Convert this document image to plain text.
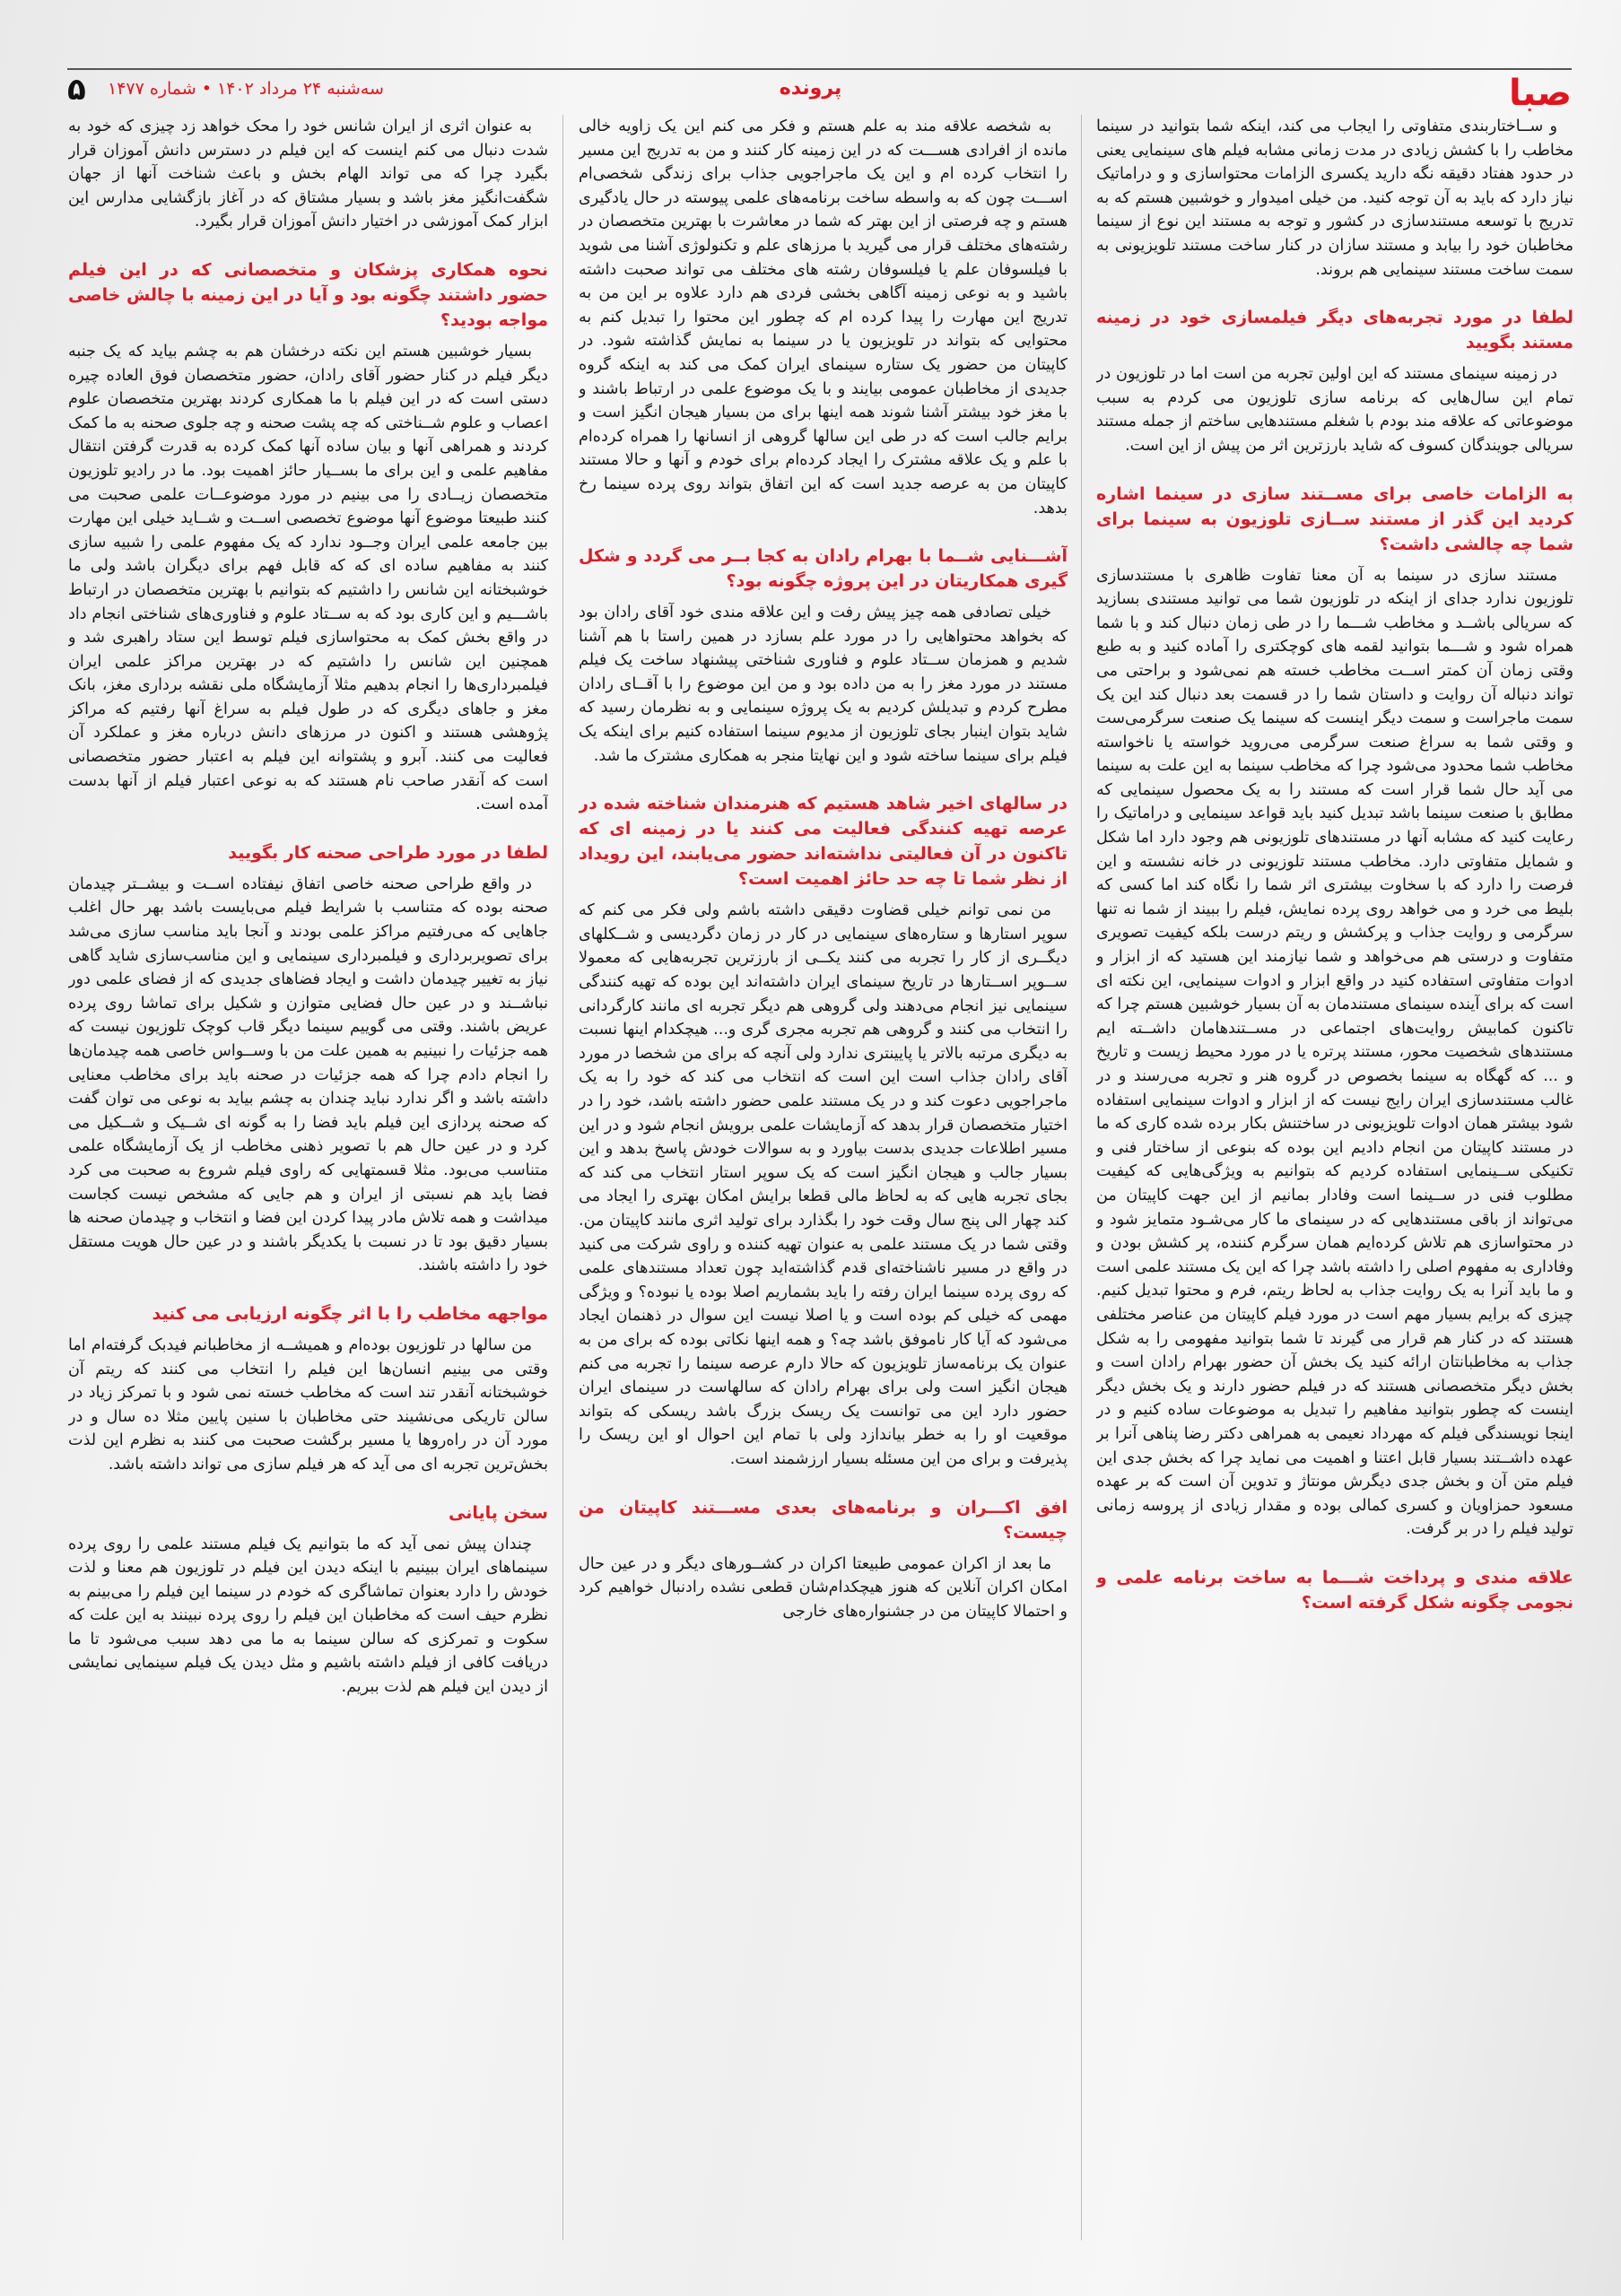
صبا
پرونده
سه‌شنبه ۲۴ مرداد ۱۴۰۲ • شماره ۱۴۷۷
۵

و ســاختاربندی متفاوتی را ایجاب می کند، اینکه شما بتوانید در سینما مخاطب را با کشش زیادی در مدت زمانی مشابه فیلم های سینمایی یعنی در حدود هفتاد دقیقه نگه دارید یکسری الزامات محتواسازی و و دراماتیک نیاز دارد که باید به آن توجه کنید. من خیلی امیدوار و خوشبین هستم که به تدریج با توسعه مستندسازی در کشور و توجه به مستند این نوع از سینما مخاطبان خود را بیابد و مستند سازان در کنار ساخت مستند تلویزیونی به سمت ساخت مستند سینمایی هم بروند.

لطفا در مورد تجربه‌های دیگر فیلمسازی خود در زمینه مستند بگویید

در زمینه سینمای مستند که این اولین تجربه من است اما در تلوزیون در تمام این سال‌هایی که برنامه سازی تلوزیون می کردم به سبب موضوعاتی که علاقه مند بودم با شغلم مستندهایی ساختم از جمله مستند سریالی جویندگان کسوف که شاید بارزترین اثر من پیش از این است.

به الزامات خاصی برای مســتند سازی در سینما اشاره کردید این گذر از مستند ســازی تلوزیون به سینما برای شما چه چالشی داشت؟

مستند سازی در سینما به آن معنا تفاوت ظاهری با مستندسازی تلوزیون ندارد جدای از اینکه در تلوزیون شما می توانید مستندی بسازید که سریالی باشــد و مخاطب شـــما را در طی زمان دنبال کند و با شما همراه شود و شـــما بتوانید لقمه های کوچکتری را آماده کنید و به طبع وقتی زمان آن کمتر اســت مخاطب خسته هم نمی‌شود و براحتی می تواند دنباله آن روایت و داستان شما را در قسمت بعد دنبال کند این یک سمت ماجراست و سمت دیگر اینست که سینما یک صنعت سرگرمی‌ست و وقتی شما به سراغ صنعت سرگرمی می‌روید خواسته یا ناخواسته مخاطب شما محدود می‌شود چرا که مخاطب سینما به این علت به سینما می آید حال شما قرار است که مستند را به یک محصول سینمایی که مطابق با صنعت سینما باشد تبدیل کنید باید قواعد سینمایی و دراماتیک را رعایت کنید که مشابه آنها در مستندهای تلوزیونی هم وجود دارد اما شکل و شمایل متفاوتی دارد. مخاطب مستند تلوزیونی در خانه نشسته و این فرصت را دارد که با سخاوت بیشتری اثر شما را نگاه کند اما کسی که بلیط می خرد و می خواهد روی پرده نمایش، فیلم را ببیند از شما نه تنها سرگرمی و روایت جذاب و پرکشش و ریتم درست بلکه کیفیت تصویری متفاوت و درستی هم می‌خواهد و شما نیازمند این هستید که از ابزار و ادوات متفاوتی استفاده کنید در واقع ابزار و ادوات سینمایی، این نکته ای است که برای آینده سینمای مستندمان به آن بسیار خوشبین هستم چرا که تاکنون کمابیش روایت‌های اجتماعی در مســتندهامان داشــته ایم مستندهای شخصیت محور، مستند پرتره یا در مورد محیط زیست و تاریخ و ... که گهگاه به سینما بخصوص در گروه هنر و تجربه می‌رسند و در غالب مستندسازی ایران رایج نیست که از ابزار و ادوات سینمایی استفاده شود بیشتر همان ادوات تلویزیونی در ساختنش بکار برده شده کاری که ما در مستند کاپیتان من انجام دادیم این بوده که بنوعی از ساختار فنی و تکنیکی ســینمایی استفاده کردیم که بتوانیم به ویژگی‌هایی که کیفیت مطلوب فنی در ســینما است وفادار بمانیم از این جهت کاپیتان من می‌تواند از باقی مستندهایی که در سینمای ما کار می‌شـود متمایز شود و در محتواسازی هم تلاش کرده‌ایم همان سرگرم کننده، پر کشش بودن و وفاداری به مفهوم اصلی را داشته باشد چرا که این یک مستند علمی است و ما باید آنرا به یک روایت جذاب به لحاظ ریتم، فرم و محتوا تبدیل کنیم. چیزی که برایم بسیار مهم است در مورد فیلم کاپیتان من عناصر مختلفی هستند که در کنار هم قرار می گیرند تا شما بتوانید مفهومی را به شکل جذاب به مخاطبانتان ارائه کنید یک بخش آن حضور بهرام رادان است و بخش دیگر متخصصانی هستند که در فیلم حضور دارند و یک بخش دیگر اینست که چطور بتوانید مفاهیم را تبدیل به موضوعات ساده کنیم و در اینجا نویسندگی فیلم که مهرداد نعیمی به همراهی دکتر رضا پناهی آنرا بر عهده داشــتند بسیار قابل اعتنا و اهمیت می نماید چرا که بخش جدی این فیلم متن آن و بخش جدی دیگرش مونتاژ و تدوین آن است که بر عهده مسعود حمزاویان و کسری کمالی بوده و مقدار زیادی از پروسه زمانی تولید فیلم را در بر گرفت.

علاقه مندی و پرداخت شـــما به ساخت برنامه علمی و نجومی چگونه شکل گرفته است؟

به شخصه علاقه مند به علم هستم و فکر می کنم این یک زاویه خالی مانده از افرادی هســـت که در این زمینه کار کنند و من به تدریج این مسیر را انتخاب کرده ام و این یک ماجراجویی جذاب برای زندگی شخصی‌ام اســـت چون که به واسطه ساخت برنامه‌های علمی پیوسته در حال یادگیری هستم و چه فرصتی از این بهتر که شما در معاشرت با بهترین متخصصان در رشته‌های مختلف قرار می گیرید با مرزهای علم و تکنولوژی آشنا می شوید با فیلسوفان علم یا فیلسوفان رشته های مختلف می تواند صحبت داشته باشید و به نوعی زمینه آگاهی بخشی فردی هم دارد علاوه بر این من به تدریج این مهارت را پیدا کرده ام که چطور این محتوا را تبدیل کنم به محتوایی که بتواند در تلویزیون یا در سینما به نمایش گذاشته شود. در کاپیتان من حضور یک ستاره سینمای ایران کمک می کند به اینکه گروه جدیدی از مخاطبان عمومی بیایند و با یک موضوع علمی در ارتباط باشند و با مغز خود بیشتر آشنا شوند همه اینها برای من بسیار هیجان انگیز است و برایم جالب است که در طی این سالها گروهی از انسانها را همراه کرده‌ام با علم و یک علاقه مشترک را ایجاد کرده‌ام برای خودم و آنها و حالا مستند کاپیتان من به عرصه جدید است که این اتفاق بتواند روی پرده سینما رخ بدهد.

آشـــنایی شــما با بهرام رادان به کجا بــر می گردد و شکل گیری همکاریتان در این پروژه چگونه بود؟

خیلی تصادفی همه چیز پیش رفت و این علاقه مندی خود آقای رادان بود که بخواهد محتواهایی را در مورد علم بسازد در همین راستا با هم آشنا شدیم و همزمان ســتاد علوم و فناوری شناختی پیشنهاد ساخت یک فیلم مستند در مورد مغز را به من داده بود و من این موضوع را با آقــای رادان مطرح کردم و تبدیلش کردیم به یک پروژه سینمایی و به نظرمان رسید که شاید بتوان اینبار بجای تلوزیون از مدیوم سینما استفاده کنیم برای اینکه یک فیلم برای سینما ساخته شود و این نهایتا منجر به همکاری مشترک ما شد.

در سالهای اخیر شاهد هستیم که هنرمندان شناخته شده در عرصه تهیه کنندگی فعالیت می کنند یا در زمینه ای که تاکنون در آن فعالیتی نداشته‌اند حضور می‌یابند، این رویداد از نظر شما تا چه حد حائز اهمیت است؟

من نمی توانم خیلی قضاوت دقیقی داشته باشم ولی فکر می کنم که سوپر استارها و ستاره‌های سینمایی در کار در زمان دگردیسی و شــکلهای دیگــری از کار را تجربه می کنند یکــی از بارزترین تجربه‌هایی که معمولا ســوپر اســتارها در تاریخ سینمای ایران داشته‌اند این بوده که تهیه کنندگی سینمایی نیز انجام می‌دهند ولی گروهی هم دیگر تجربه ای مانند کارگردانی را انتخاب می کنند و گروهی هم تجربه مجری گری و... هیچکدام اینها نسبت به دیگری مرتبه بالاتر یا پایینتری ندارد ولی آنچه که برای من شخصا در مورد آقای رادان جذاب است این است که انتخاب می کند که خود را به یک ماجراجویی دعوت کند و در یک مستند علمی حضور داشته باشد، خود را در اختیار متخصصان قرار بدهد که آزمایشات علمی برویش انجام شود و در این مسیر اطلاعات جدیدی بدست بیاورد و به سوالات خودش پاسخ بدهد و این بسیار جالب و هیجان انگیز است که یک سوپر استار انتخاب می کند که بجای تجربه هایی که به لحاظ مالی قطعا برایش امکان بهتری را ایجاد می کند چهار الی پنج سال وقت خود را بگذارد برای تولید اثری مانند کاپیتان من. وقتی شما در یک مستند علمی به عنوان تهیه کننده و راوی شرکت می کنید در واقع در مسیر ناشناخته‌ای قدم گذاشته‌اید چون تعداد مستندهای علمی که روی پرده سینما ایران رفته را باید بشماریم اصلا بوده یا نبوده؟ و ویژگی مهمی که خیلی کم بوده است و یا اصلا نیست این سوال در ذهنمان ایجاد می‌شود که آیا کار ناموفق باشد چه؟ و همه اینها نکاتی بوده که برای من به عنوان یک برنامه‌ساز تلویزیون که حالا دارم عرصه سینما را تجربه می کنم هیجان انگیز است ولی برای بهرام رادان که سالهاست در سینمای ایران حضور دارد این می توانست یک ریسک بزرگ باشد ریسکی که بتواند موقعیت او را به خطر بیاندازد ولی با تمام این احوال او این ریسک را پذیرفت و برای من این مسئله بسیار ارزشمند است.

افق اکـــران و برنامه‌های بعدی مســـتند کاپیتان من چیست؟

ما بعد از اکران عمومی طبیعتا اکران در کشــورهای دیگر و در عین حال امکان اکران آنلاین که هنوز هیچکدام‌شان قطعی نشده رادنبال خواهیم کرد و احتمالا کاپیتان من در جشنواره‌های خارجی

به عنوان اثری از ایران شانس خود را محک خواهد زد چیزی که خود به شدت دنبال می کنم اینست که این فیلم در دسترس دانش آموزان قرار بگیرد چرا که می تواند الهام بخش و باعث شناخت آنها از جهان شگفت‌انگیز مغز باشد و بسیار مشتاق که در آغاز بازگشایی مدارس این ابزار کمک آموزشی در اختیار دانش آموزان قرار بگیرد.

نحوه همکاری پزشکان و متخصصانی که در این فیلم حضور داشتند چگونه بود و آیا در این زمینه با چالش خاصی مواجه بودید؟

بسیار خوشبین هستم این نکته درخشان هم به چشم بیاید که یک جنبه دیگر فیلم در کنار حضور آقای رادان، حضور متخصصان فوق العاده چیره دستی است که در این فیلم با ما همکاری کردند بهترین متخصصان علوم اعصاب و علوم شــناختی که چه پشت صحنه و چه جلوی صحنه به ما کمک کردند و همراهی آنها و بیان ساده آنها کمک کرده به قدرت گرفتن انتقال مفاهیم علمی و این برای ما بســیار حائز اهمیت بود. ما در رادیو تلوزیون متخصصان زیــادی را می بینیم در مورد موضوعــات علمی صحبت می کنند طبیعتا موضوع آنها موضوع تخصصی اســت و شــاید خیلی این مهارت بین جامعه علمی ایران وجــود ندارد که یک مفهوم علمی را شبیه سازی کنند به مفاهیم ساده ای که که قابل فهم برای دیگران باشد ولی ما خوشبختانه این شانس را داشتیم که بتوانیم با بهترین متخصصان در ارتباط باشـــیم و این کاری بود که به ســتاد علوم و فناوری‌های شناختی انجام داد در واقع بخش کمک به محتواسازی فیلم توسط این ستاد راهبری شد و همچنین این شانس را داشتیم که در بهترین مراکز علمی ایران فیلمبرداری‌ها را انجام بدهیم مثلا آزمایشگاه ملی نقشه برداری مغز، بانک مغز و جاهای دیگری که در طول فیلم به سراغ آنها رفتیم که مراکز پژوهشی هستند و اکنون در مرزهای دانش درباره مغز و عملکرد آن فعالیت می کنند. آبرو و پشتوانه این فیلم به اعتبار حضور متخصصانی است که آنقدر صاحب نام هستند که به نوعی اعتبار فیلم از آنها بدست آمده است.

لطفا در مورد طراحی صحنه کار بگویید

در واقع طراحی صحنه خاصی اتفاق نیفتاده اســت و بیشــتر چیدمان صحنه بوده که متناسب با شرایط فیلم می‌بایست باشد بهر حال اغلب جاهایی که می‌رفتیم مراکز علمی بودند و آنجا باید مناسب سازی می‌شد برای تصویربرداری و فیلمبرداری سینمایی و این مناسب‌سازی شاید گاهی نیاز به تغییر چیدمان داشت و ایجاد فضاهای جدیدی که از فضای علمی دور نباشــند و در عین حال فضایی متوازن و شکیل برای تماشا روی پرده عریض باشند. وقتی می گوییم سینما دیگر قاب کوچک تلوزیون نیست که همه جزئیات را نبینیم به همین علت من با وســواس خاصی همه چیدمان‌ها را انجام دادم چرا که همه جزئیات در صحنه باید برای مخاطب معنایی داشته باشد و اگر ندارد نباید چندان به چشم بیاید به نوعی می توان گفت که صحنه پردازی این فیلم باید فضا را به گونه ای شــیک و شــکیل می کرد و در عین حال هم با تصویر ذهنی مخاطب از یک آزمایشگاه علمی متناسب می‌بود. مثلا قسمتهایی که راوی فیلم شروع به صحبت می کرد فضا باید هم نسبتی از ایران و هم جایی که مشخص نیست کجاست میداشت و همه تلاش مادر پیدا کردن این فضا و انتخاب و چیدمان صحنه ها بسیار دقیق بود تا در نسبت با یکدیگر باشند و در عین حال هویت مستقل خود را داشته باشند.

مواجهه مخاطب را با اثر چگونه ارزیابی می کنید

من سالها در تلوزیون بوده‌ام و همیشــه از مخاطبانم فیدبک گرفته‌ام اما وقتی می بینیم انسان‌ها این فیلم را انتخاب می کنند که ریتم آن خوشبختانه آنقدر تند است که مخاطب خسته نمی شود و با تمرکز زیاد در سالن تاریکی می‌نشیند حتی مخاطبان با سنین پایین مثلا ده سال و در مورد آن در راه‌روها یا مسیر برگشت صحبت می کنند به نظرم این لذت بخش‌ترین تجربه ای می آید که هر فیلم سازی می تواند داشته باشد.

سخن پایانی

چندان پیش نمی آید که ما بتوانیم یک فیلم مستند علمی را روی پرده سینماهای ایران ببینیم با اینکه دیدن این فیلم در تلوزیون هم معنا و لذت خودش را دارد بعنوان تماشاگری که خودم در سینما این فیلم را می‌بینم به نظرم حیف است که مخاطبان این فیلم را روی پرده نبینند به این علت که سکوت و تمرکزی که سالن سینما به ما می دهد سبب می‌شود تا ما دریافت کافی از فیلم داشته باشیم و مثل دیدن یک فیلم سینمایی نمایشی از دیدن این فیلم هم لذت ببریم.
